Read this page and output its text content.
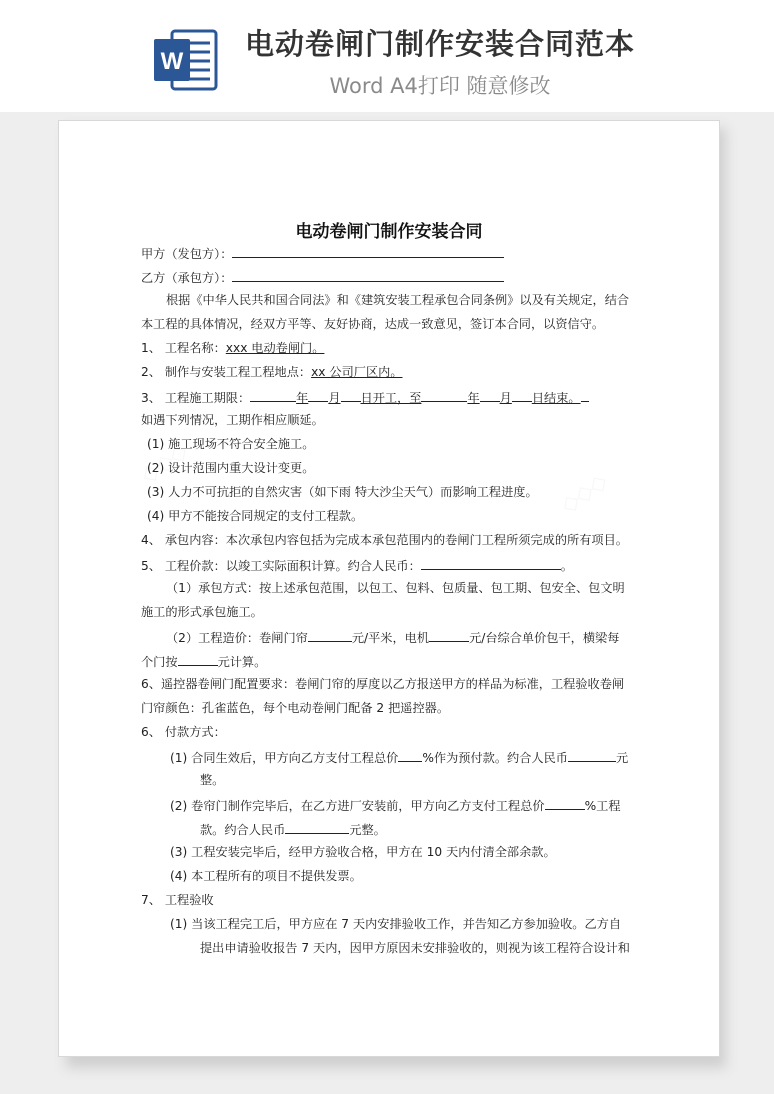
W
电动卷闸门制作安装合同范本
Word A4打印 随意修改
◇◇◇
◇◇◇
电动卷闸门制作安装合同
甲方（发包方）：
乙方（承包方）：
根据《中华人民共和国合同法》和《建筑安装工程承包合同条例》以及有关规定，结合
本工程的具体情况，经双方平等、友好协商，达成一致意见，签订本合同，以资信守。
1、 工程名称：xxx 电动卷闸门。
2、 制作与安装工程工程地点：xx 公司厂区内。
3、 工程施工期限：	年 月 日开工，至	年 月 日结束。
如遇下列情况，工期作相应顺延。
(1) 施工现场不符合安全施工。
(2) 设计范围内重大设计变更。
(3) 人力不可抗拒的自然灾害（如下雨 特大沙尘天气）而影响工程进度。
(4) 甲方不能按合同规定的支付工程款。
4、 承包内容：本次承包内容包括为完成本承包范围内的卷闸门工程所须完成的所有项目。
5、 工程价款：以竣工实际面积计算。约合人民币：	。
（1）承包方式：按上述承包范围，以包工、包料、包质量、包工期、包安全、包文明
施工的形式承包施工。
（2）工程造价：卷闸门帘	元/平米，电机	元/台综合单价包干，横梁每
个门按	元计算。
6、遥控器卷闸门配置要求：卷闸门帘的厚度以乙方报送甲方的样品为标准，工程验收卷闸
门帘颜色：孔雀蓝色，每个电动卷闸门配备 2 把遥控器。
6、 付款方式：
(1) 合同生效后，甲方向乙方支付工程总价 %作为预付款。约合人民币	元
整。
(2) 卷帘门制作完毕后，在乙方进厂安装前，甲方向乙方支付工程总价	%工程
款。约合人民币	元整。
(3) 工程安装完毕后，经甲方验收合格，甲方在 10 天内付清全部余款。
(4) 本工程所有的项目不提供发票。
7、 工程验收
(1) 当该工程完工后，甲方应在 7 天内安排验收工作，并告知乙方参加验收。乙方自
提出申请验收报告 7 天内，因甲方原因未安排验收的，则视为该工程符合设计和
